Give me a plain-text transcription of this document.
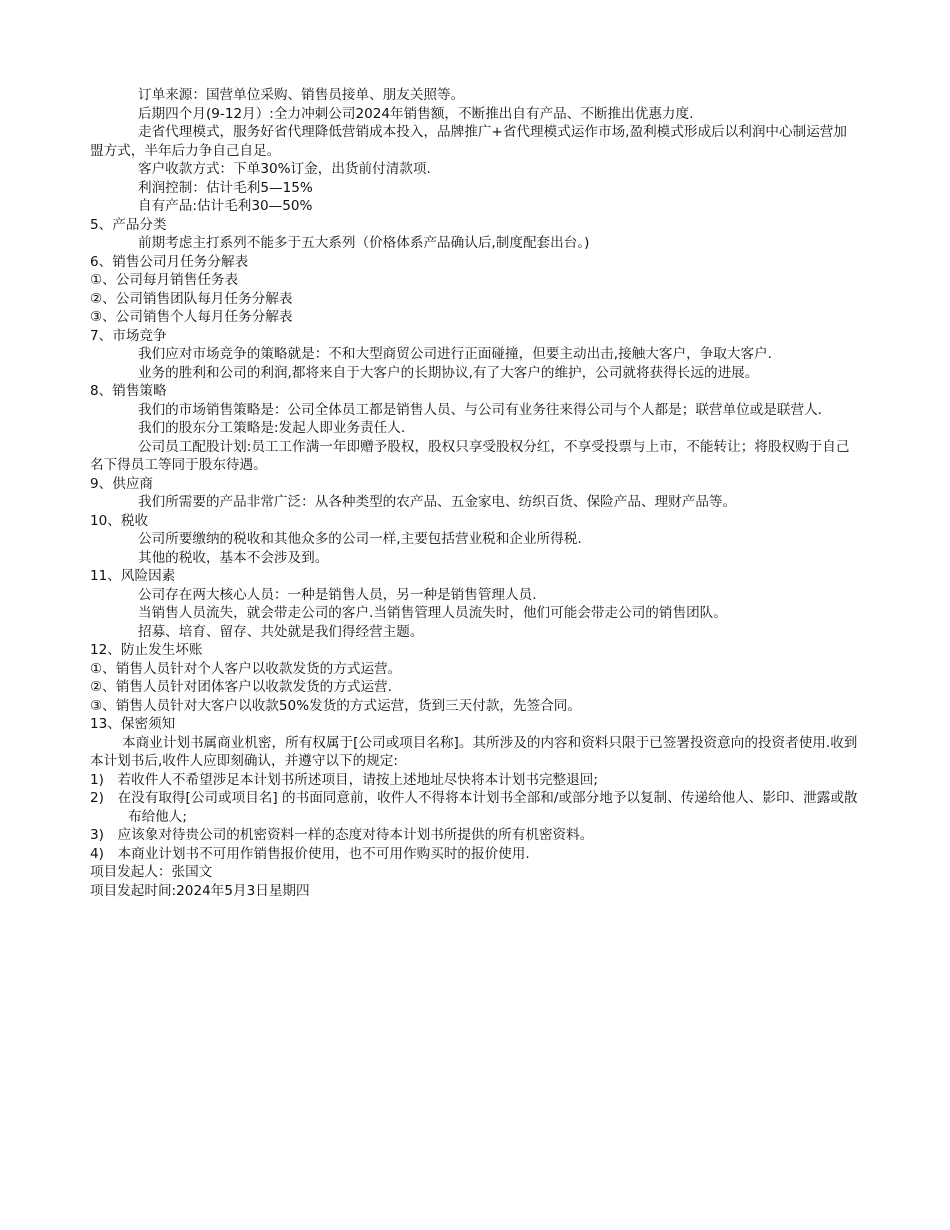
订单来源：国营单位采购、销售员接单、朋友关照等。

后期四个月(9-12月）:全力冲刺公司2024年销售额，不断推出自有产品、不断推出优惠力度.

走省代理模式，服务好省代理降低营销成本投入，品牌推广+省代理模式运作市场,盈利模式形成后以利润中心制运营加盟方式，半年后力争自己自足。

客户收款方式：下单30%订金，出货前付清款项.

利润控制：估计毛利5—15%

自有产品:估计毛利30—50%

5、产品分类

前期考虑主打系列不能多于五大系列（价格体系产品确认后,制度配套出台。)

6、销售公司月任务分解表

①、公司每月销售任务表

②、公司销售团队每月任务分解表

③、公司销售个人每月任务分解表

7、市场竞争

我们应对市场竞争的策略就是：不和大型商贸公司进行正面碰撞，但要主动出击,接触大客户，争取大客户.

业务的胜利和公司的利润,都将来自于大客户的长期协议,有了大客户的维护，公司就将获得长远的进展。

8、销售策略

我们的市场销售策略是：公司全体员工都是销售人员、与公司有业务往来得公司与个人都是；联营单位或是联营人.

我们的股东分工策略是:发起人即业务责任人.

公司员工配股计划:员工工作满一年即赠予股权，股权只享受股权分红，不享受投票与上市，不能转让；将股权购于自己名下得员工等同于股东待遇。

9、供应商

我们所需要的产品非常广泛：从各种类型的农产品、五金家电、纺织百货、保险产品、理财产品等。

10、税收

公司所要缴纳的税收和其他众多的公司一样,主要包括营业税和企业所得税.

其他的税收，基本不会涉及到。

11、风险因素

公司存在两大核心人员：一种是销售人员，另一种是销售管理人员.

当销售人员流失，就会带走公司的客户.当销售管理人员流失时，他们可能会带走公司的销售团队。

招募、培育、留存、共处就是我们得经营主题。

12、防止发生坏账

①、销售人员针对个人客户以收款发货的方式运营。

②、销售人员针对团体客户以收款发货的方式运营.

③、销售人员针对大客户以收款50%发货的方式运营，货到三天付款，先签合同。

13、保密须知

本商业计划书属商业机密，所有权属于[公司或项目名称]。其所涉及的内容和资料只限于已签署投资意向的投资者使用.收到本计划书后,收件人应即刻确认，并遵守以下的规定:

1)　若收件人不希望涉足本计划书所述项目，请按上述地址尽快将本计划书完整退回;

2)　在没有取得[公司或项目名] 的书面同意前，收件人不得将本计划书全部和/或部分地予以复制、传递给他人、影印、泄露或散布给他人;

3)　应该象对待贵公司的机密资料一样的态度对待本计划书所提供的所有机密资料。

4)　本商业计划书不可用作销售报价使用，也不可用作购买时的报价使用.

项目发起人：张国文

项目发起时间:2024年5月3日星期四
